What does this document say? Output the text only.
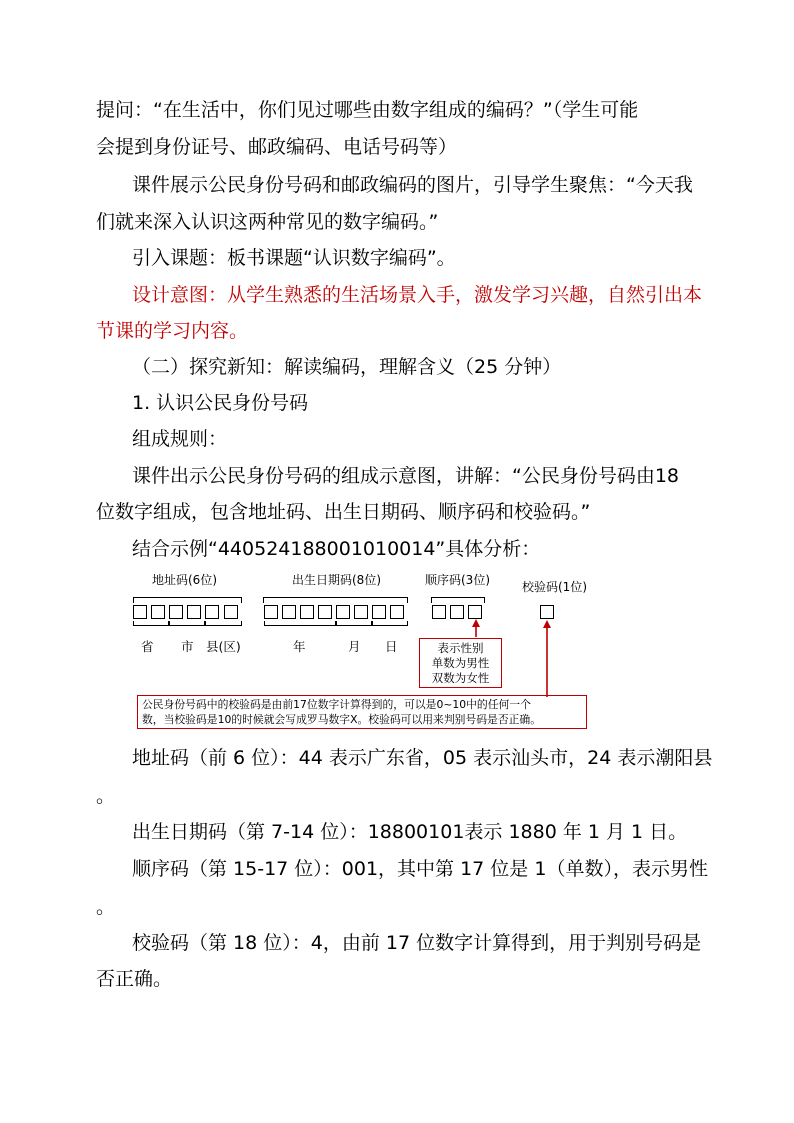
提问：“在生活中，你们见过哪些由数字组成的编码？”（学生可能

会提到身份证号、邮政编码、电话号码等）

课件展示公民身份号码和邮政编码的图片，引导学生聚焦：“今天我

们就来深入认识这两种常见的数字编码。”

引入课题：板书课题“认识数字编码”。

设计意图：从学生熟悉的生活场景入手，激发学习兴趣，自然引出本

节课的学习内容。

（二）探究新知：解读编码，理解含义（25 分钟）

1. 认识公民身份号码

组成规则：

课件出示公民身份号码的组成示意图，讲解：“公民身份号码由18

位数字组成，包含地址码、出生日期码、顺序码和校验码。”

结合示例“440524188001010014”具体分析：

地址码(6位)	出生日期码(8位)	顺序码(3位)	校验码(1位)
省 市 县(区)	年	月 日	表示性别
单数为男性
双数为女性
公民身份号码中的校验码是由前17位数字计算得到的，可以是0~10中的任何一个
数，当校验码是10的时候就会写成罗马数字X。校验码可以用来判别号码是否正确。

地址码（前 6 位）：44 表示广东省，05 表示汕头市，24 表示潮阳县

。

出生日期码（第 7-14 位）：18800101表示 1880 年 1 月 1 日。

顺序码（第 15-17 位）：001，其中第 17 位是 1（单数），表示男性

。

校验码（第 18 位）：4，由前 17 位数字计算得到，用于判别号码是

否正确。
